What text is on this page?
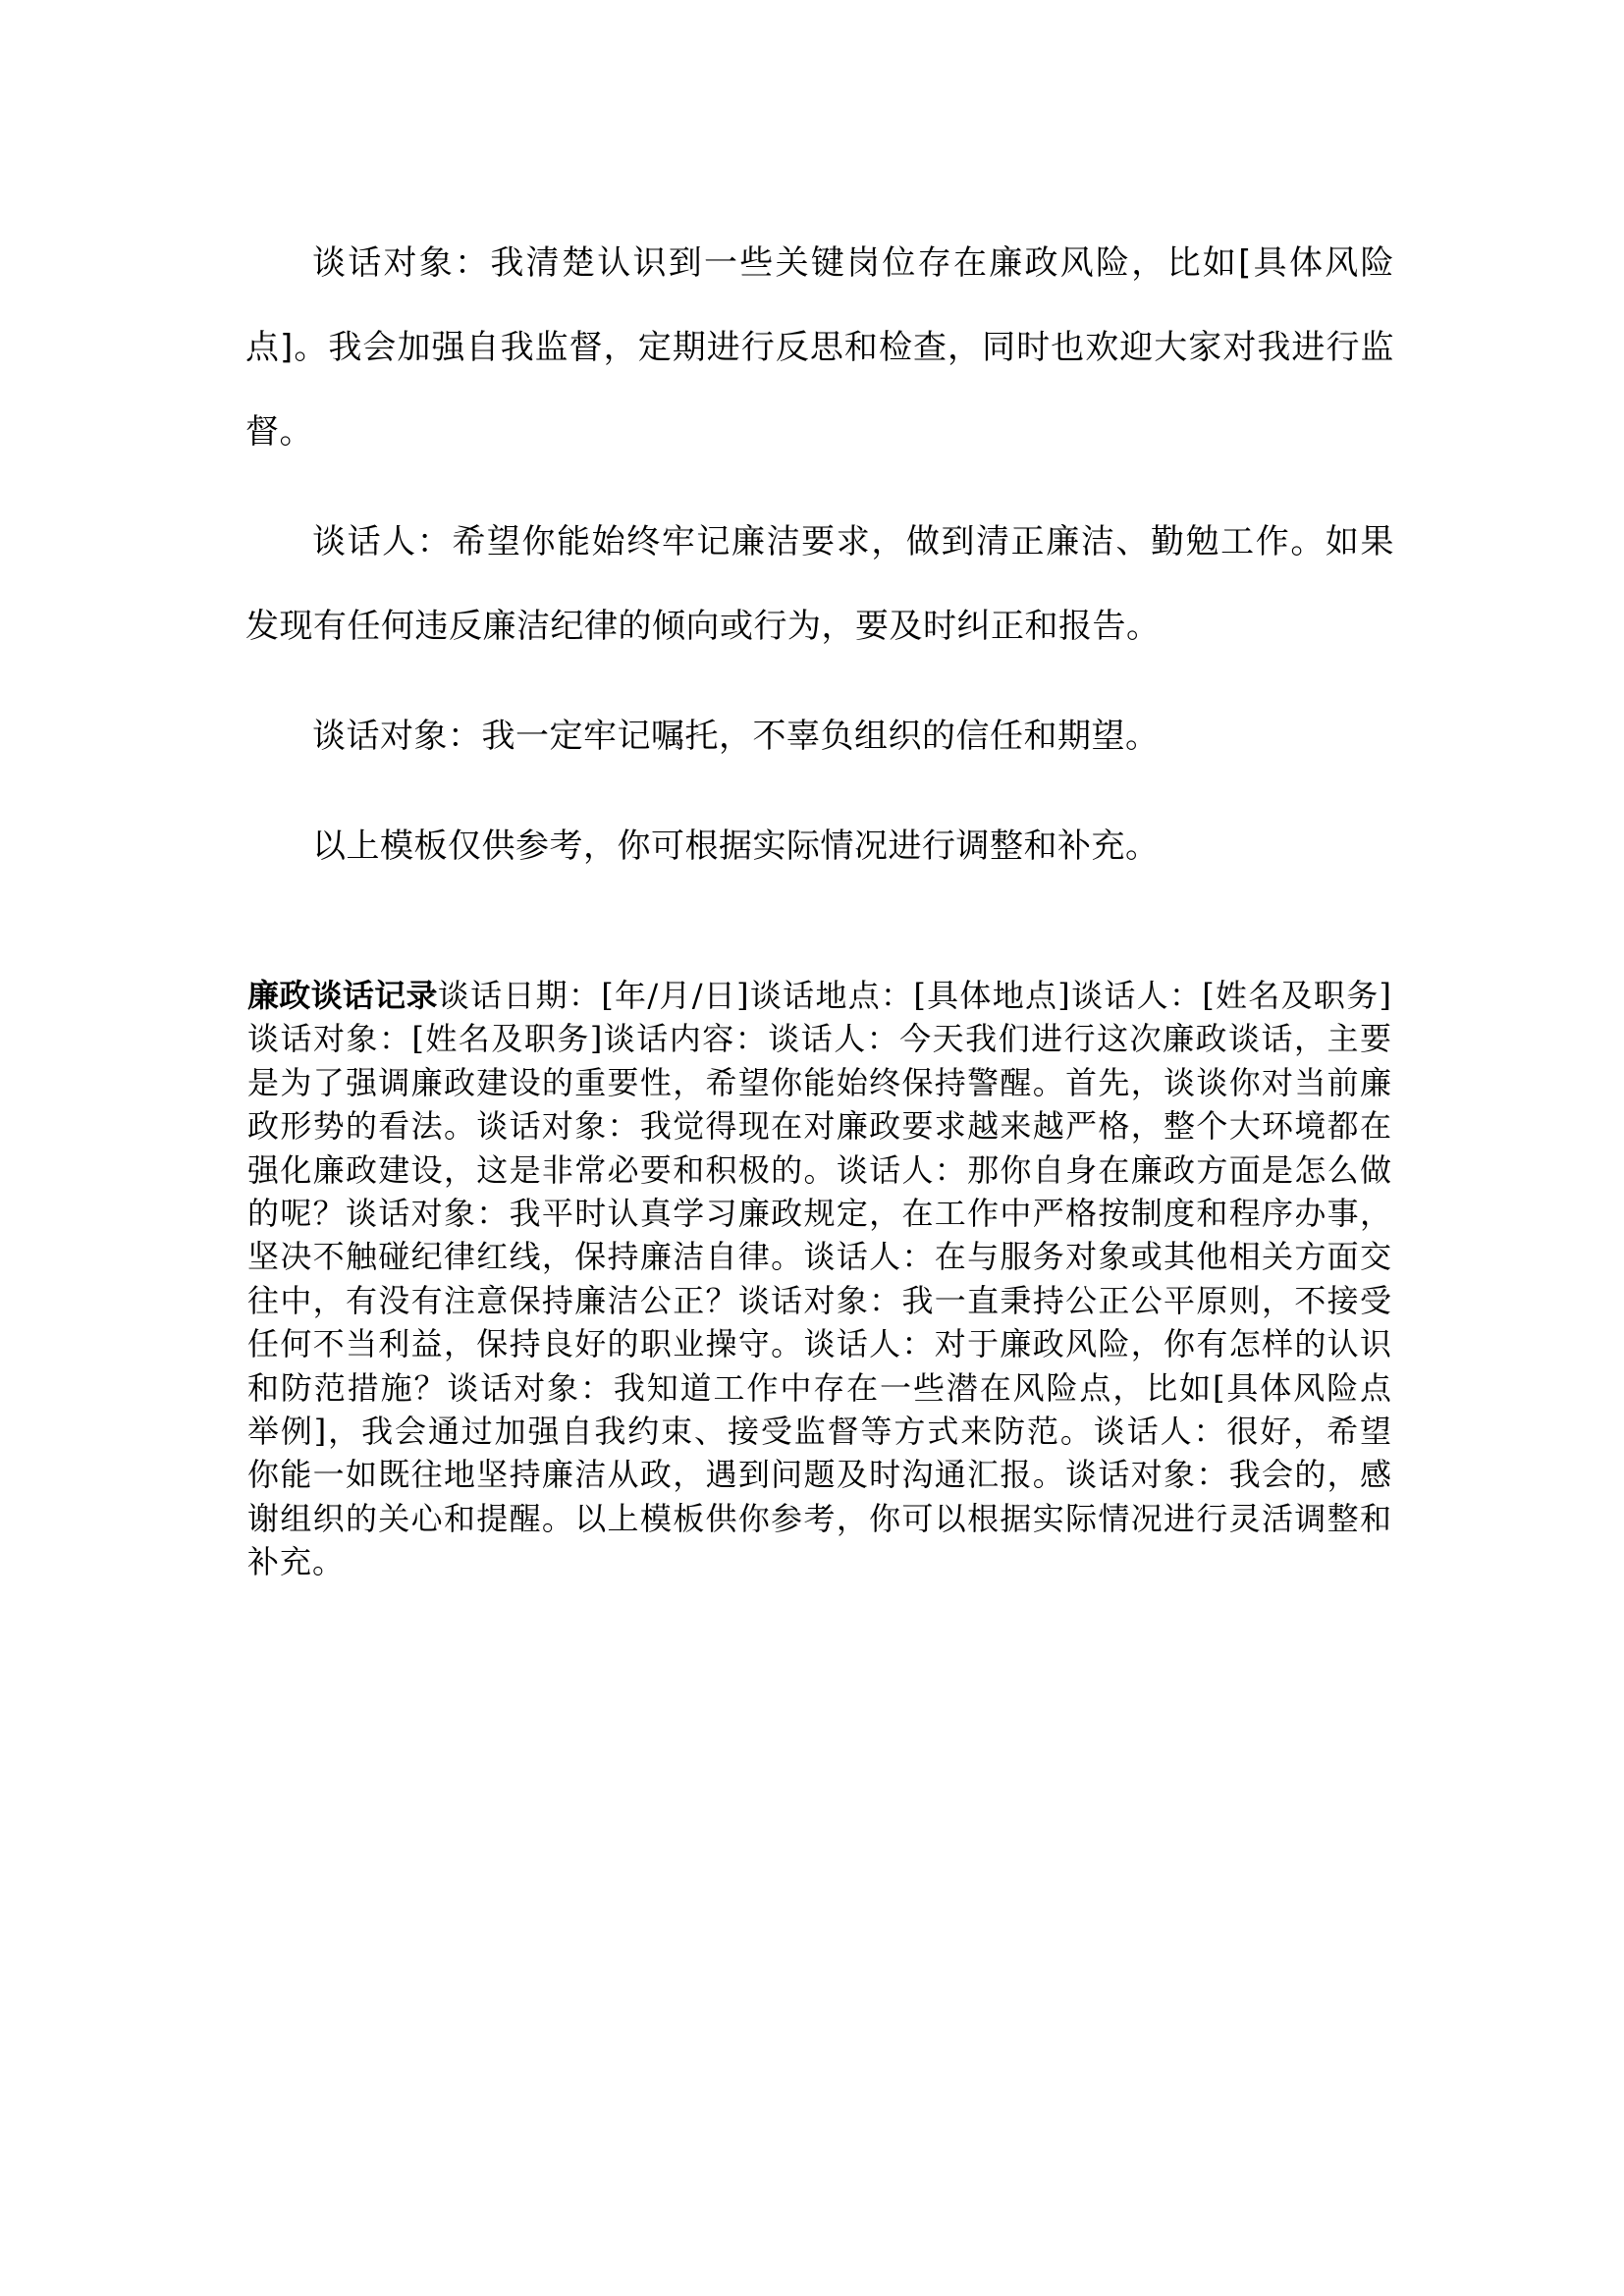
谈话对象：我清楚认识到一些关键岗位存在廉政风险，比如[具体风险点]。我会加强自我监督，定期进行反思和检查，同时也欢迎大家对我进行监督。

谈话人：希望你能始终牢记廉洁要求，做到清正廉洁、勤勉工作。如果发现有任何违反廉洁纪律的倾向或行为，要及时纠正和报告。

谈话对象：我一定牢记嘱托，不辜负组织的信任和期望。

以上模板仅供参考，你可根据实际情况进行调整和补充。

廉政谈话记录谈话日期：[年/月/日]谈话地点：[具体地点]谈话人：[姓名及职务]谈话对象：[姓名及职务]谈话内容：谈话人：今天我们进行这次廉政谈话，主要是为了强调廉政建设的重要性，希望你能始终保持警醒。首先，谈谈你对当前廉政形势的看法。谈话对象：我觉得现在对廉政要求越来越严格，整个大环境都在强化廉政建设，这是非常必要和积极的。谈话人：那你自身在廉政方面是怎么做的呢？谈话对象：我平时认真学习廉政规定，在工作中严格按制度和程序办事，坚决不触碰纪律红线，保持廉洁自律。谈话人：在与服务对象或其他相关方面交往中，有没有注意保持廉洁公正？谈话对象：我一直秉持公正公平原则，不接受任何不当利益，保持良好的职业操守。谈话人：对于廉政风险，你有怎样的认识和防范措施？谈话对象：我知道工作中存在一些潜在风险点，比如[具体风险点举例]，我会通过加强自我约束、接受监督等方式来防范。谈话人：很好，希望你能一如既往地坚持廉洁从政，遇到问题及时沟通汇报。谈话对象：我会的，感谢组织的关心和提醒。以上模板供你参考，你可以根据实际情况进行灵活调整和补充。
